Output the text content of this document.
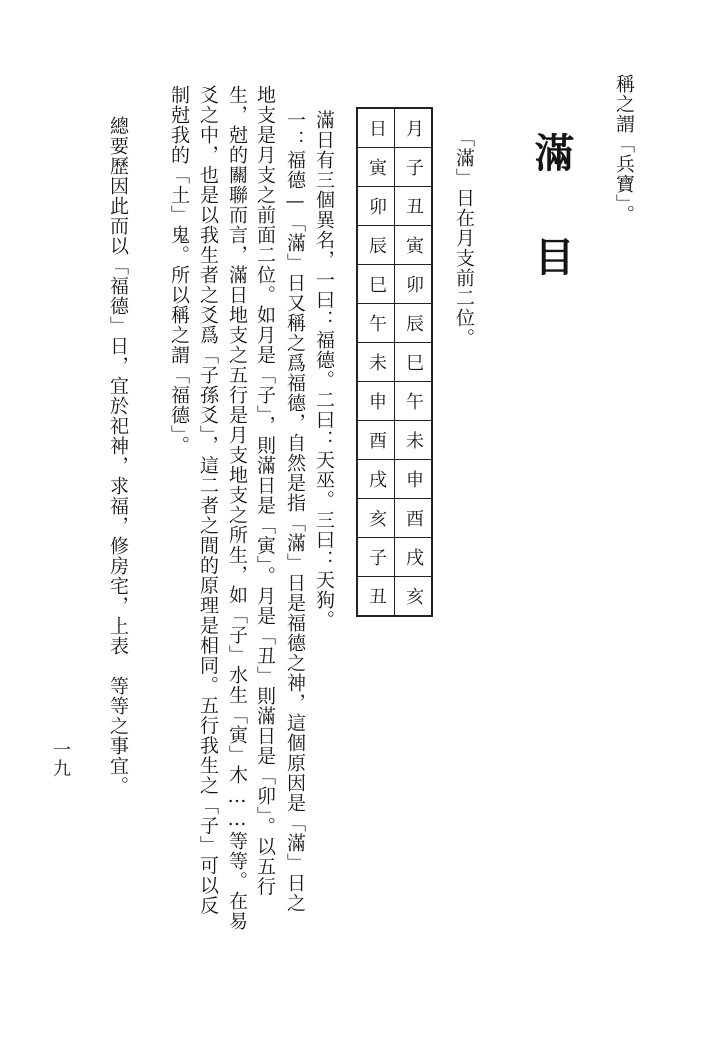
稱之謂「兵寶」。

滿目

「滿」日在月支前二位。

月	子	丑	寅	卯	辰	巳	午	未	申	酉	戌	亥
日	寅	卯	辰	巳	午	未	申	酉	戌	亥	子	丑

滿日有三個異名，一曰：福德。二曰：天巫。三曰：天狗。

一：福德—「滿」日又稱之爲福德，自然是指「滿」日是福德之神，這個原因是「滿」日之

地支是月支之前面二位。如月是「子」，則滿日是「寅」。月是「丑」則滿日是「卯」。以五行

生，尅的關聯而言，滿日地支之五行是月支地支之所生，如「子」水生「寅」木……等等。在易

爻之中，也是以我生者之爻爲「子孫爻」，這二者之間的原理是相同。五行我生之「子」可以反

制尅我的「土」鬼。所以稱之謂「福德」。

總要歷因此而以「福德」日，宜於祀神，求福，修房宅，上表　等等之事宜。

一九
